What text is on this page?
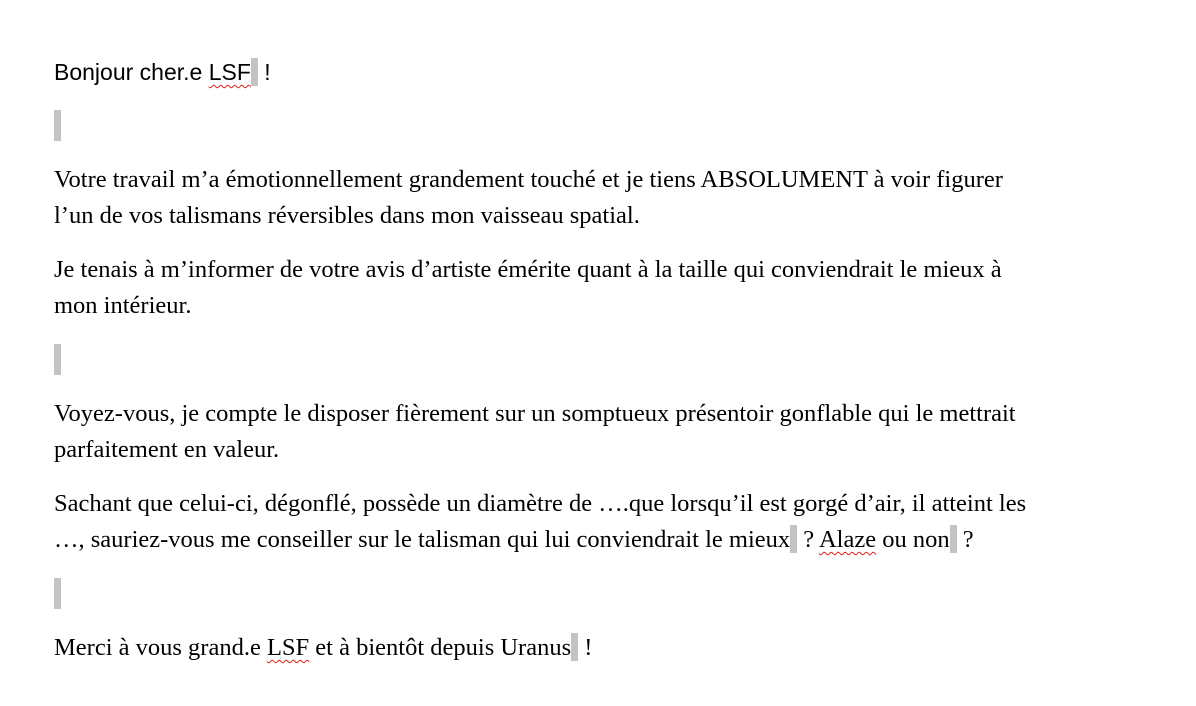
Bonjour cher.e LSF !

Votre travail m’a émotionnellement grandement touché et je tiens ABSOLUMENT à voir figurer
l’un de vos talismans réversibles dans mon vaisseau spatial.

Je tenais à m’informer de votre avis d’artiste émérite quant à la taille qui conviendrait le mieux à
mon intérieur.

Voyez-vous, je compte le disposer fièrement sur un somptueux présentoir gonflable qui le mettrait
parfaitement en valeur.

Sachant que celui-ci, dégonflé, possède un diamètre de ….que lorsqu’il est gorgé d’air, il atteint les
…, sauriez-vous me conseiller sur le talisman qui lui conviendrait le mieux ? Alaze ou non ?

Merci à vous grand.e LSF et à bientôt depuis Uranus !
